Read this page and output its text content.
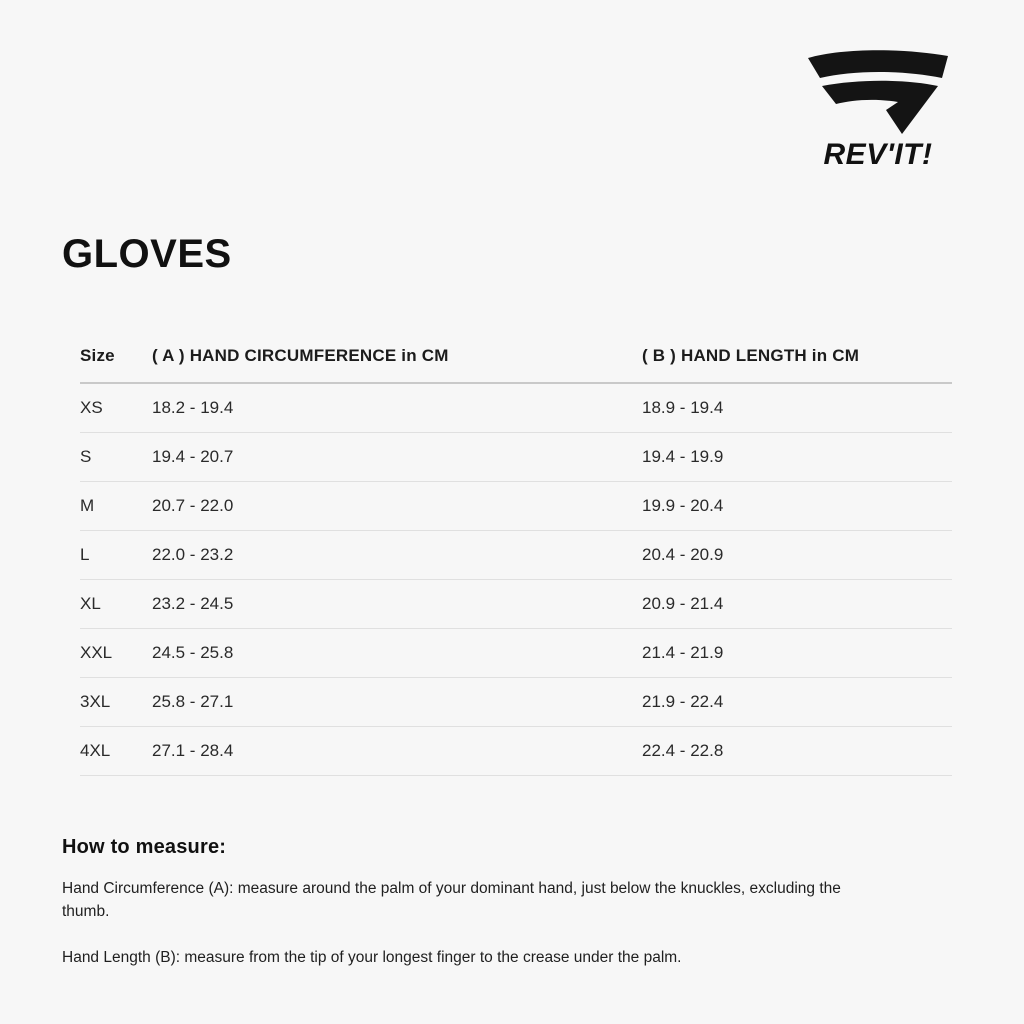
REV'IT!
GLOVES
Size	( A ) HAND CIRCUMFERENCE in CM	( B ) HAND LENGTH in CM
XS	18.2 - 19.4	18.9 - 19.4
S	19.4 - 20.7	19.4 - 19.9
M	20.7 - 22.0	19.9 - 20.4
L	22.0 - 23.2	20.4 - 20.9
XL	23.2 - 24.5	20.9 - 21.4
XXL	24.5 - 25.8	21.4 - 21.9
3XL	25.8 - 27.1	21.9 - 22.4
4XL	27.1 - 28.4	22.4 - 22.8
How to measure:

Hand Circumference (A): measure around the palm of your dominant hand, just below the knuckles, excluding the thumb.

Hand Length (B): measure from the tip of your longest finger to the crease under the palm.
